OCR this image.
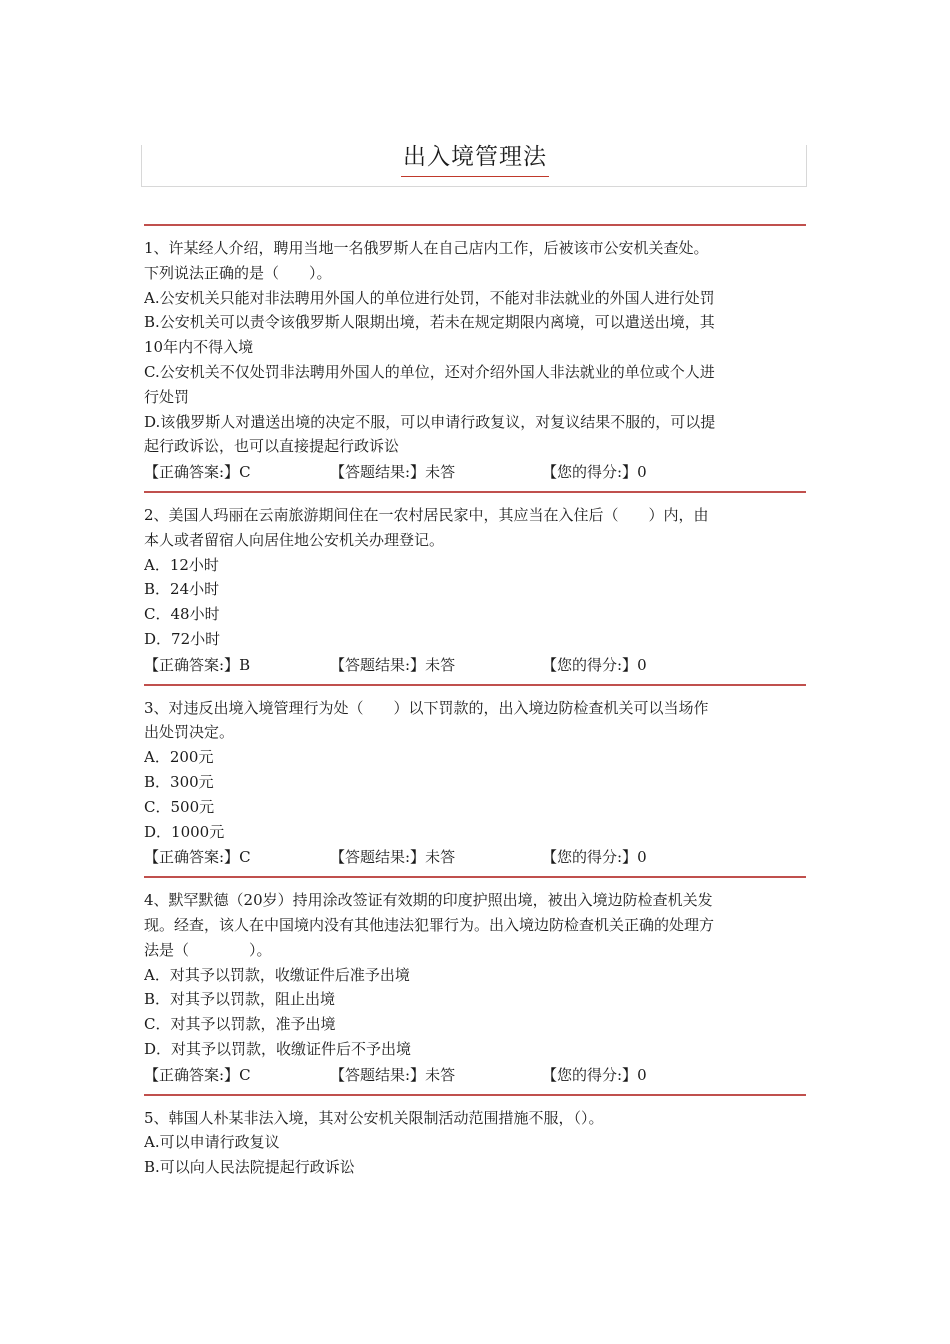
出入境管理法
1、许某经人介绍，聘用当地一名俄罗斯人在自己店内工作，后被该市公安机关查处。
下列说法正确的是（　　）。
A.公安机关只能对非法聘用外国人的单位进行处罚，不能对非法就业的外国人进行处罚
B.公安机关可以责令该俄罗斯人限期出境，若未在规定期限内离境，可以遣送出境，其
10年内不得入境
C.公安机关不仅处罚非法聘用外国人的单位，还对介绍外国人非法就业的单位或个人进
行处罚
D.该俄罗斯人对遣送出境的决定不服，可以申请行政复议，对复议结果不服的，可以提
起行政诉讼，也可以直接提起行政诉讼
【正确答案:】C	【答题结果:】未答	【您的得分:】0
2、美国人玛丽在云南旅游期间住在一农村居民家中，其应当在入住后（　　）内，由
本人或者留宿人向居住地公安机关办理登记。
A．12小时
B．24小时
C．48小时
D．72小时
【正确答案:】B	【答题结果:】未答	【您的得分:】0
3、对违反出境入境管理行为处（　　）以下罚款的，出入境边防检查机关可以当场作
出处罚决定。
A．200元
B．300元
C．500元
D．1000元
【正确答案:】C	【答题结果:】未答	【您的得分:】0
4、默罕默德（20岁）持用涂改签证有效期的印度护照出境，被出入境边防检查机关发
现。经查，该人在中国境内没有其他违法犯罪行为。出入境边防检查机关正确的处理方
法是（　　　　）。
A．对其予以罚款，收缴证件后准予出境
B．对其予以罚款，阻止出境
C．对其予以罚款，准予出境
D．对其予以罚款，收缴证件后不予出境
【正确答案:】C	【答题结果:】未答	【您的得分:】0
5、韩国人朴某非法入境，其对公安机关限制活动范围措施不服，（）。
A.可以申请行政复议
B.可以向人民法院提起行政诉讼
